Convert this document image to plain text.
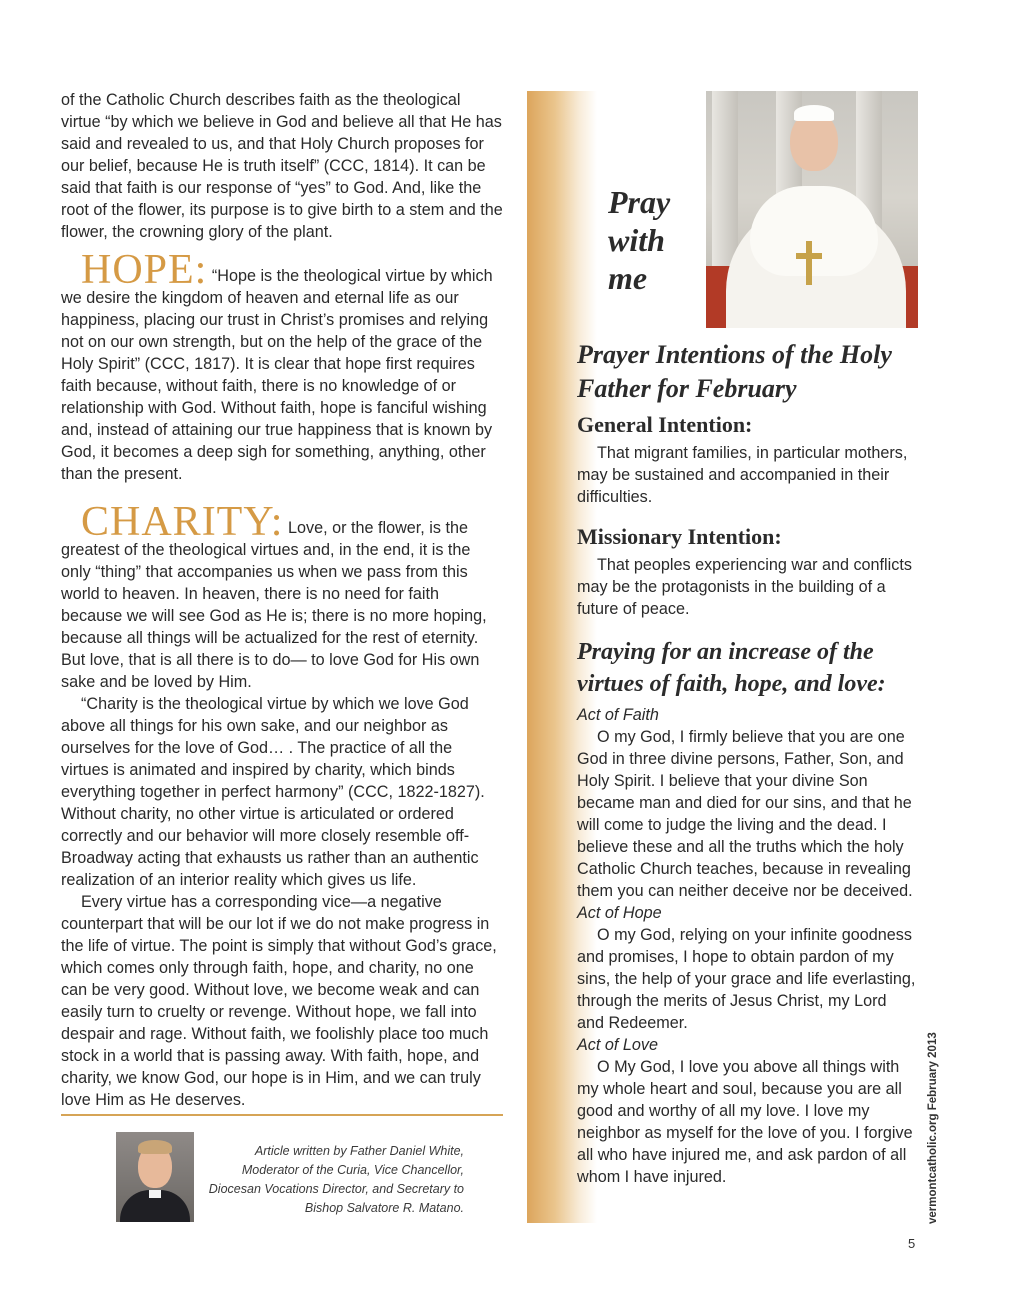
of the Catholic Church describes faith as the theological virtue “by which we believe in God and believe all that He has said and revealed to us, and that Holy Church proposes for our belief, because He is truth itself” (CCC, 1814). It can be said that faith is our response of “yes” to God. And, like the root of the flower, its purpose is to give birth to a stem and the flower, the crowning glory of the plant.

HOPE: “Hope is the theological virtue by which we desire the kingdom of heaven and eternal life as our happiness, placing our trust in Christ’s promises and relying not on our own strength, but on the help of the grace of the Holy Spirit” (CCC, 1817). It is clear that hope first requires faith because, without faith, there is no knowledge of or relationship with God. Without faith, hope is fanciful wishing and, instead of attaining our true happiness that is known by God, it becomes a deep sigh for something, anything, other than the present.

CHARITY: Love, or the flower, is the greatest of the theological virtues and, in the end, it is the only “thing” that accompanies us when we pass from this world to heaven. In heaven, there is no need for faith because we will see God as He is; there is no more hoping, because all things will be actualized for the rest of eternity. But love, that is all there is to do— to love God for His own sake and be loved by Him.

“Charity is the theological virtue by which we love God above all things for his own sake, and our neighbor as ourselves for the love of God… . The practice of all the virtues is animated and inspired by charity, which binds everything together in perfect harmony” (CCC, 1822-1827). Without charity, no other virtue is articulated or ordered correctly and our behavior will more closely resemble off-Broadway acting that exhausts us rather than an authentic realization of an interior reality which gives us life.

Every virtue has a corresponding vice—a negative counterpart that will be our lot if we do not make progress in the life of virtue. The point is simply that without God’s grace, which comes only through faith, hope, and charity, no one can be very good. Without love, we become weak and can easily turn to cruelty or revenge. Without hope, we fall into despair and rage. Without faith, we foolishly place too much stock in a world that is passing away. With faith, hope, and charity, we know God, our hope is in Him, and we can truly love Him as He deserves.

Article written by Father Daniel White, Moderator of the Curia, Vice Chancellor, Diocesan Vocations Director, and Secretary to Bishop Salvatore R. Matano.
Pray with me
Prayer Intentions of the Holy Father for February
General Intention:

That migrant families, in particular mothers, may be sustained and accompanied in their difficulties.

Missionary Intention:

That peoples experiencing war and conflicts may be the protagonists in the building of a future of peace.

Praying for an increase of the virtues of faith, hope, and love:

Act of Faith

O my God, I firmly believe that you are one God in three divine persons, Father, Son, and Holy Spirit. I believe that your divine Son became man and died for our sins, and that he will come to judge the living and the dead. I believe these and all the truths which the holy Catholic Church teaches, because in revealing them you can neither deceive nor be deceived.

Act of Hope

O my God, relying on your infinite goodness and promises, I hope to obtain pardon of my sins, the help of your grace and life everlasting, through the merits of Jesus Christ, my Lord and Redeemer.

Act of Love

O My God, I love you above all things with my whole heart and soul, because you are all good and worthy of all my love. I love my neighbor as myself for the love of you. I forgive all who have injured me, and ask pardon of all whom I have injured.	vermontcatholic.org February 2013
5
